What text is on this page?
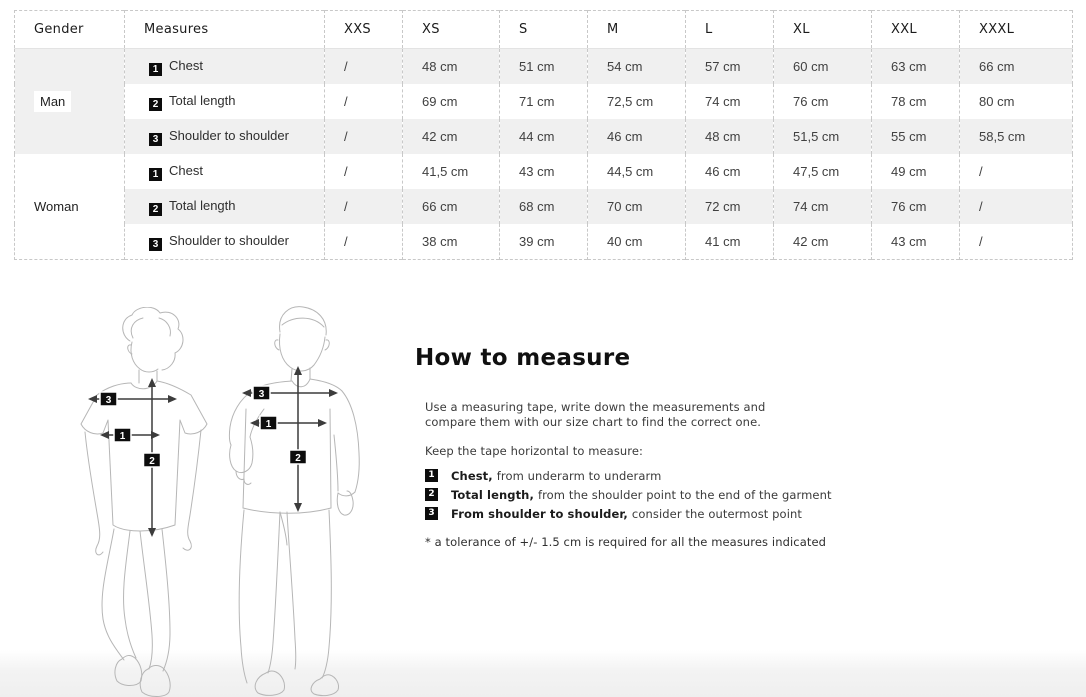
Gender	Measures	XXS	XS	S	M	L	XL	XXL	XXXL
Man	1 Chest	/	48 cm	51 cm	54 cm	57 cm	60 cm	63 cm	66 cm
	2 Total length	/	69 cm	71 cm	72,5 cm	74 cm	76 cm	78 cm	80 cm
	3 Shoulder to shoulder	/	42 cm	44 cm	46 cm	48 cm	51,5 cm	55 cm	58,5 cm
Woman	1 Chest	/	41,5 cm	43 cm	44,5 cm	46 cm	47,5 cm	49 cm	/
	2 Total length	/	66 cm	68 cm	70 cm	72 cm	74 cm	76 cm	/
	3 Shoulder to shoulder	/	38 cm	39 cm	40 cm	41 cm	42 cm	43 cm	/
3
1
2
3
1
2
How to measure
Use a measuring tape, write down the measurements and
compare them with our size chart to find the correct one.
Keep the tape horizontal to measure:
1 Chest, from underarm to underarm
2 Total length, from the shoulder point to the end of the garment
3 From shoulder to shoulder, consider the outermost point
* a tolerance of +/- 1.5 cm is required for all the measures indicated
